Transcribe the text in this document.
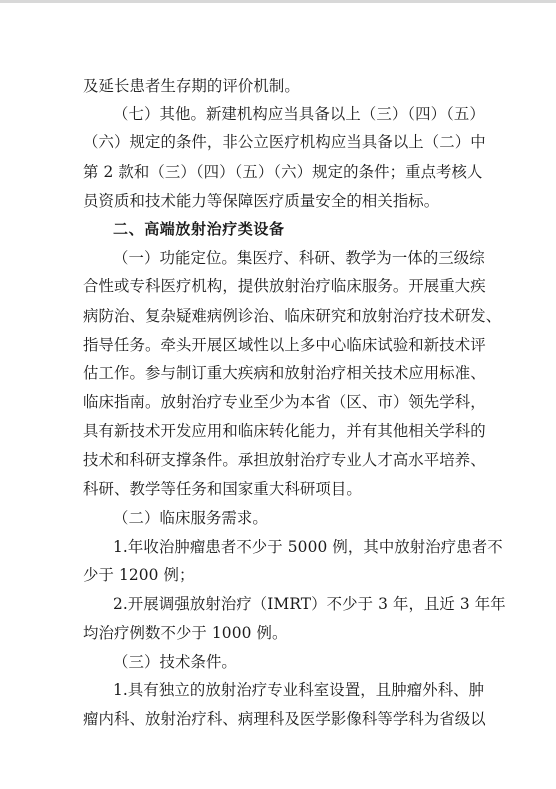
及延长患者生存期的评价机制。
（七）其他。新建机构应当具备以上（三）（四）（五）
（六）规定的条件，非公立医疗机构应当具备以上（二）中
第 2 款和（三）（四）（五）（六）规定的条件；重点考核人
员资质和技术能力等保障医疗质量安全的相关指标。
二、高端放射治疗类设备
（一）功能定位。集医疗、科研、教学为一体的三级综
合性或专科医疗机构，提供放射治疗临床服务。开展重大疾
病防治、复杂疑难病例诊治、临床研究和放射治疗技术研发、
指导任务。牵头开展区域性以上多中心临床试验和新技术评
估工作。参与制订重大疾病和放射治疗相关技术应用标准、
临床指南。放射治疗专业至少为本省（区、市）领先学科，
具有新技术开发应用和临床转化能力，并有其他相关学科的
技术和科研支撑条件。承担放射治疗专业人才高水平培养、
科研、教学等任务和国家重大科研项目。
（二）临床服务需求。
1.年收治肿瘤患者不少于 5000 例，其中放射治疗患者不
少于 1200 例；
2.开展调强放射治疗（IMRT）不少于 3 年，且近 3 年年
均治疗例数不少于 1000 例。
（三）技术条件。
1.具有独立的放射治疗专业科室设置，且肿瘤外科、肿
瘤内科、放射治疗科、病理科及医学影像科等学科为省级以
